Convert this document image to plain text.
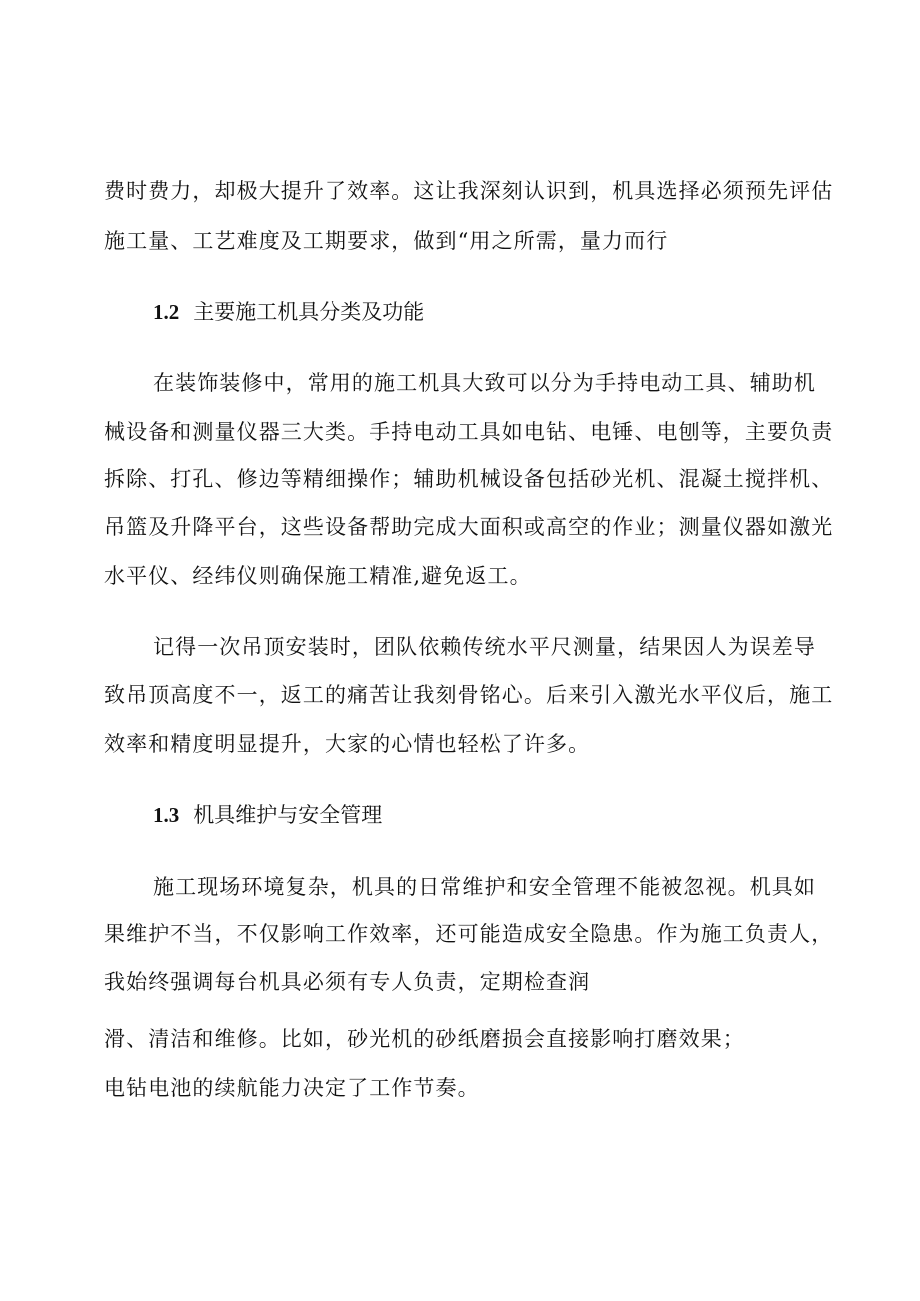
费时费力，却极大提升了效率。这让我深刻认识到，机具选择必须预先评估
施工量、工艺难度及工期要求，做到“用之所需，量力而行
1.2 主要施工机具分类及功能
在装饰装修中，常用的施工机具大致可以分为手持电动工具、辅助机
械设备和测量仪器三大类。手持电动工具如电钻、电锤、电刨等，主要负责
拆除、打孔、修边等精细操作；辅助机械设备包括砂光机、混凝土搅拌机、
吊篮及升降平台，这些设备帮助完成大面积或高空的作业；测量仪器如激光
水平仪、经纬仪则确保施工精准,避免返工。
记得一次吊顶安装时，团队依赖传统水平尺测量，结果因人为误差导
致吊顶高度不一，返工的痛苦让我刻骨铭心。后来引入激光水平仪后，施工
效率和精度明显提升，大家的心情也轻松了许多。
1.3 机具维护与安全管理
施工现场环境复杂，机具的日常维护和安全管理不能被忽视。机具如
果维护不当，不仅影响工作效率，还可能造成安全隐患。作为施工负责人，
我始终强调每台机具必须有专人负责，定期检查润
滑、清洁和维修。比如，砂光机的砂纸磨损会直接影响打磨效果；
电钻电池的续航能力决定了工作节奏。
